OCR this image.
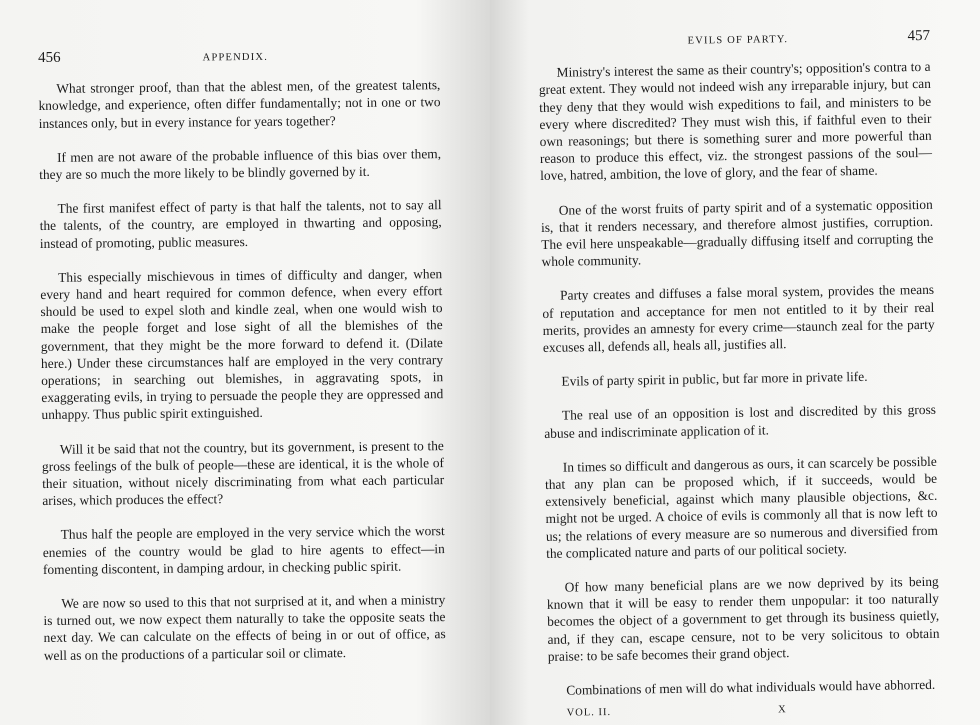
456	APPENDIX.

What stronger proof, than that the ablest men, of the greatest talents, knowledge, and experience, often differ fundamentally; not in one or two instances only, but in every instance for years together?

If men are not aware of the probable influence of this bias over them, they are so much the more likely to be blindly governed by it.

The first manifest effect of party is that half the talents, not to say all the talents, of the country, are employed in thwarting and opposing, instead of promoting, public measures.

This especially mischievous in times of difficulty and danger, when every hand and heart required for common defence, when every effort should be used to expel sloth and kindle zeal, when one would wish to make the people forget and lose sight of all the blemishes of the government, that they might be the more forward to defend it. (Dilate here.) Under these circumstances half are employed in the very contrary operations; in searching out blemishes, in aggravating spots, in exaggerating evils, in trying to persuade the people they are oppressed and unhappy. Thus public spirit extinguished.

Will it be said that not the country, but its government, is present to the gross feelings of the bulk of people—these are identical, it is the whole of their situation, without nicely discriminating from what each particular arises, which produces the effect?

Thus half the people are employed in the very service which the worst enemies of the country would be glad to hire agents to effect—in fomenting discontent, in damping ardour, in checking public spirit.

We are now so used to this that not surprised at it, and when a ministry is turned out, we now expect them naturally to take the opposite seats the next day. We can calculate on the effects of being in or out of office, as well as on the productions of a particular soil or climate.

EVILS OF PARTY.	457

Ministry's interest the same as their country's; opposition's contra to a great extent. They would not indeed wish any irreparable injury, but can they deny that they would wish expeditions to fail, and ministers to be every where discredited? They must wish this, if faithful even to their own reasonings; but there is something surer and more powerful than reason to produce this effect, viz. the strongest passions of the soul—love, hatred, ambition, the love of glory, and the fear of shame.

One of the worst fruits of party spirit and of a systematic opposition is, that it renders necessary, and therefore almost justifies, corruption. The evil here unspeakable—gradually diffusing itself and corrupting the whole community.

Party creates and diffuses a false moral system, provides the means of reputation and acceptance for men not entitled to it by their real merits, provides an amnesty for every crime—staunch zeal for the party excuses all, defends all, heals all, justifies all.

Evils of party spirit in public, but far more in private life.

The real use of an opposition is lost and discredited by this gross abuse and indiscriminate application of it.

In times so difficult and dangerous as ours, it can scarcely be possible that any plan can be proposed which, if it succeeds, would be extensively beneficial, against which many plausible objections, &c. might not be urged. A choice of evils is commonly all that is now left to us; the relations of every measure are so numerous and diversified from the complicated nature and parts of our political society.

Of how many beneficial plans are we now deprived by its being known that it will be easy to render them unpopular: it too naturally becomes the object of a government to get through its business quietly, and, if they can, escape censure, not to be very solicitous to obtain praise: to be safe becomes their grand object.

Combinations of men will do what individuals would have abhorred.

VOL. II.	X
